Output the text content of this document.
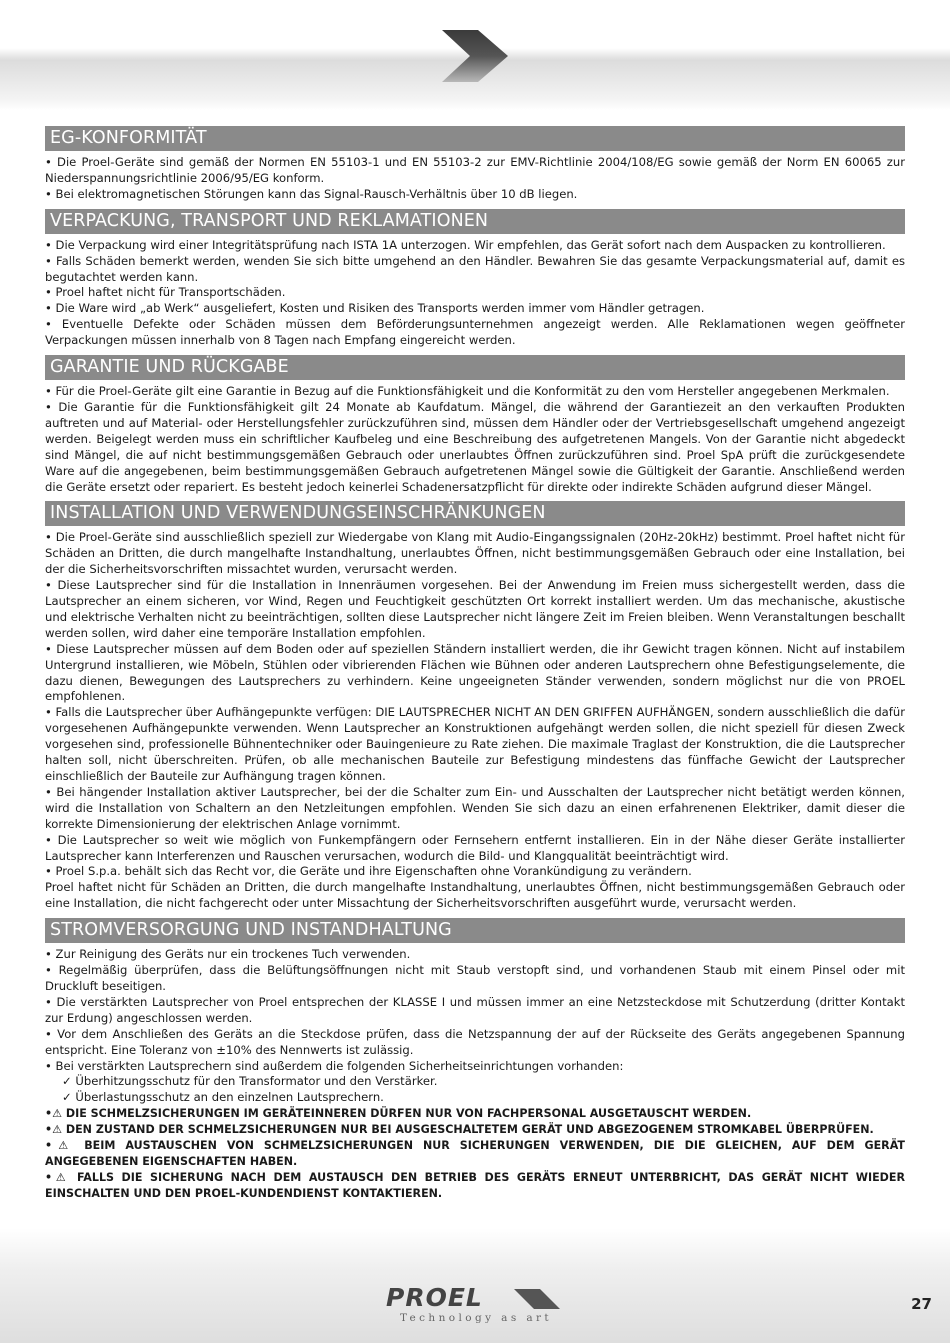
EG-KONFORMITÄT

• Die Proel-Geräte sind gemäß der Normen EN 55103-1 und EN 55103-2 zur EMV-Richtlinie 2004/108/EG sowie gemäß der Norm EN 60065 zur Niederspannungsrichtlinie 2006/95/EG konform.

• Bei elektromagnetischen Störungen kann das Signal-Rausch-Verhältnis über 10 dB liegen.

VERPACKUNG, TRANSPORT UND REKLAMATIONEN

• Die Verpackung wird einer Integritätsprüfung nach ISTA 1A unterzogen. Wir empfehlen, das Gerät sofort nach dem Auspacken zu kontrollieren.

• Falls Schäden bemerkt werden, wenden Sie sich bitte umgehend an den Händler. Bewahren Sie das gesamte Verpackungsmaterial auf, damit es begutachtet werden kann.

• Proel haftet nicht für Transportschäden.

• Die Ware wird „ab Werk“ ausgeliefert, Kosten und Risiken des Transports werden immer vom Händler getragen.

• Eventuelle Defekte oder Schäden müssen dem Beförderungsunternehmen angezeigt werden. Alle Reklamationen wegen geöffneter Verpackungen müssen innerhalb von 8 Tagen nach Empfang eingereicht werden.

GARANTIE UND RÜCKGABE

• Für die Proel-Geräte gilt eine Garantie in Bezug auf die Funktionsfähigkeit und die Konformität zu den vom Hersteller angegebenen Merkmalen.

• Die Garantie für die Funktionsfähigkeit gilt 24 Monate ab Kaufdatum. Mängel, die während der Garantiezeit an den verkauften Produkten auftreten und auf Material- oder Herstellungsfehler zurückzuführen sind, müssen dem Händler oder der Vertriebsgesellschaft umgehend angezeigt werden. Beigelegt werden muss ein schriftlicher Kaufbeleg und eine Beschreibung des aufgetretenen Mangels. Von der Garantie nicht abgedeckt sind Mängel, die auf nicht bestimmungsgemäßen Gebrauch oder unerlaubtes Öffnen zurückzuführen sind. Proel SpA prüft die zurückgesendete Ware auf die angegebenen, beim bestimmungsgemäßen Gebrauch aufgetretenen Mängel sowie die Gültigkeit der Garantie. Anschließend werden die Geräte ersetzt oder repariert. Es besteht jedoch keinerlei Schadenersatzpflicht für direkte oder indirekte Schäden aufgrund dieser Mängel.

INSTALLATION UND VERWENDUNGSEINSCHRÄNKUNGEN

• Die Proel-Geräte sind ausschließlich speziell zur Wiedergabe von Klang mit Audio-Eingangssignalen (20Hz-20kHz) bestimmt. Proel haftet nicht für Schäden an Dritten, die durch mangelhafte Instandhaltung, unerlaubtes Öffnen, nicht bestimmungsgemäßen Gebrauch oder eine Installation, bei der die Sicherheitsvorschriften missachtet wurden, verursacht werden.

• Diese Lautsprecher sind für die Installation in Innenräumen vorgesehen. Bei der Anwendung im Freien muss sichergestellt werden, dass die Lautsprecher an einem sicheren, vor Wind, Regen und Feuchtigkeit geschützten Ort korrekt installiert werden. Um das mechanische, akustische und elektrische Verhalten nicht zu beeinträchtigen, sollten diese Lautsprecher nicht längere Zeit im Freien bleiben. Wenn Veranstaltungen beschallt werden sollen, wird daher eine temporäre Installation empfohlen.

• Diese Lautsprecher müssen auf dem Boden oder auf speziellen Ständern installiert werden, die ihr Gewicht tragen können. Nicht auf instabilem Untergrund installieren, wie Möbeln, Stühlen oder vibrierenden Flächen wie Bühnen oder anderen Lautsprechern ohne Befestigungselemente, die dazu dienen, Bewegungen des Lautsprechers zu verhindern. Keine ungeeigneten Ständer verwenden, sondern möglichst nur die von PROEL empfohlenen.

• Falls die Lautsprecher über Aufhängepunkte verfügen: DIE LAUTSPRECHER NICHT AN DEN GRIFFEN AUFHÄNGEN, sondern ausschließlich die dafür vorgesehenen Aufhängepunkte verwenden. Wenn Lautsprecher an Konstruktionen aufgehängt werden sollen, die nicht speziell für diesen Zweck vorgesehen sind, professionelle Bühnentechniker oder Bauingenieure zu Rate ziehen. Die maximale Traglast der Konstruktion, die die Lautsprecher halten soll, nicht überschreiten. Prüfen, ob alle mechanischen Bauteile zur Befestigung mindestens das fünffache Gewicht der Lautsprecher einschließlich der Bauteile zur Aufhängung tragen können.

• Bei hängender Installation aktiver Lautsprecher, bei der die Schalter zum Ein- und Ausschalten der Lautsprecher nicht betätigt werden können, wird die Installation von Schaltern an den Netzleitungen empfohlen. Wenden Sie sich dazu an einen erfahrenenen Elektriker, damit dieser die korrekte Dimensionierung der elektrischen Anlage vornimmt.

• Die Lautsprecher so weit wie möglich von Funkempfängern oder Fernsehern entfernt installieren. Ein in der Nähe dieser Geräte installierter Lautsprecher kann Interferenzen und Rauschen verursachen, wodurch die Bild- und Klangqualität beeinträchtigt wird.

• Proel S.p.a. behält sich das Recht vor, die Geräte und ihre Eigenschaften ohne Vorankündigung zu verändern.

Proel haftet nicht für Schäden an Dritten, die durch mangelhafte Instandhaltung, unerlaubtes Öffnen, nicht bestimmungsgemäßen Gebrauch oder eine Installation, die nicht fachgerecht oder unter Missachtung der Sicherheitsvorschriften ausgeführt wurde, verursacht werden.

STROMVERSORGUNG UND INSTANDHALTUNG

• Zur Reinigung des Geräts nur ein trockenes Tuch verwenden.

• Regelmäßig überprüfen, dass die Belüftungsöffnungen nicht mit Staub verstopft sind, und vorhandenen Staub mit einem Pinsel oder mit Druckluft beseitigen.

• Die verstärkten Lautsprecher von Proel entsprechen der KLASSE I und müssen immer an eine Netzsteckdose mit Schutzerdung (dritter Kontakt zur Erdung) angeschlossen werden.

• Vor dem Anschließen des Geräts an die Steckdose prüfen, dass die Netzspannung der auf der Rückseite des Geräts angegebenen Spannung entspricht. Eine Toleranz von ±10% des Nennwerts ist zulässig.

• Bei verstärkten Lautsprechern sind außerdem die folgenden Sicherheitseinrichtungen vorhanden:

✓ Überhitzungsschutz für den Transformator und den Verstärker.

✓ Überlastungsschutz an den einzelnen Lautsprechern.

•⚠ DIE SCHMELZSICHERUNGEN IM GERÄTEINNEREN DÜRFEN NUR VON FACHPERSONAL AUSGETAUSCHT WERDEN.

•⚠ DEN ZUSTAND DER SCHMELZSICHERUNGEN NUR BEI AUSGESCHALTETEM GERÄT UND ABGEZOGENEM STROMKABEL ÜBERPRÜFEN.

•⚠ BEIM AUSTAUSCHEN VON SCHMELZSICHERUNGEN NUR SICHERUNGEN VERWENDEN, DIE DIE GLEICHEN, AUF DEM GERÄT ANGEGEBENEN EIGENSCHAFTEN HABEN.

•⚠ FALLS DIE SICHERUNG NACH DEM AUSTAUSCH DEN BETRIEB DES GERÄTS ERNEUT UNTERBRICHT, DAS GERÄT NICHT WIEDER EINSCHALTEN UND DEN PROEL-KUNDENDIENST KONTAKTIEREN.

PROEL
Technology as art
27
